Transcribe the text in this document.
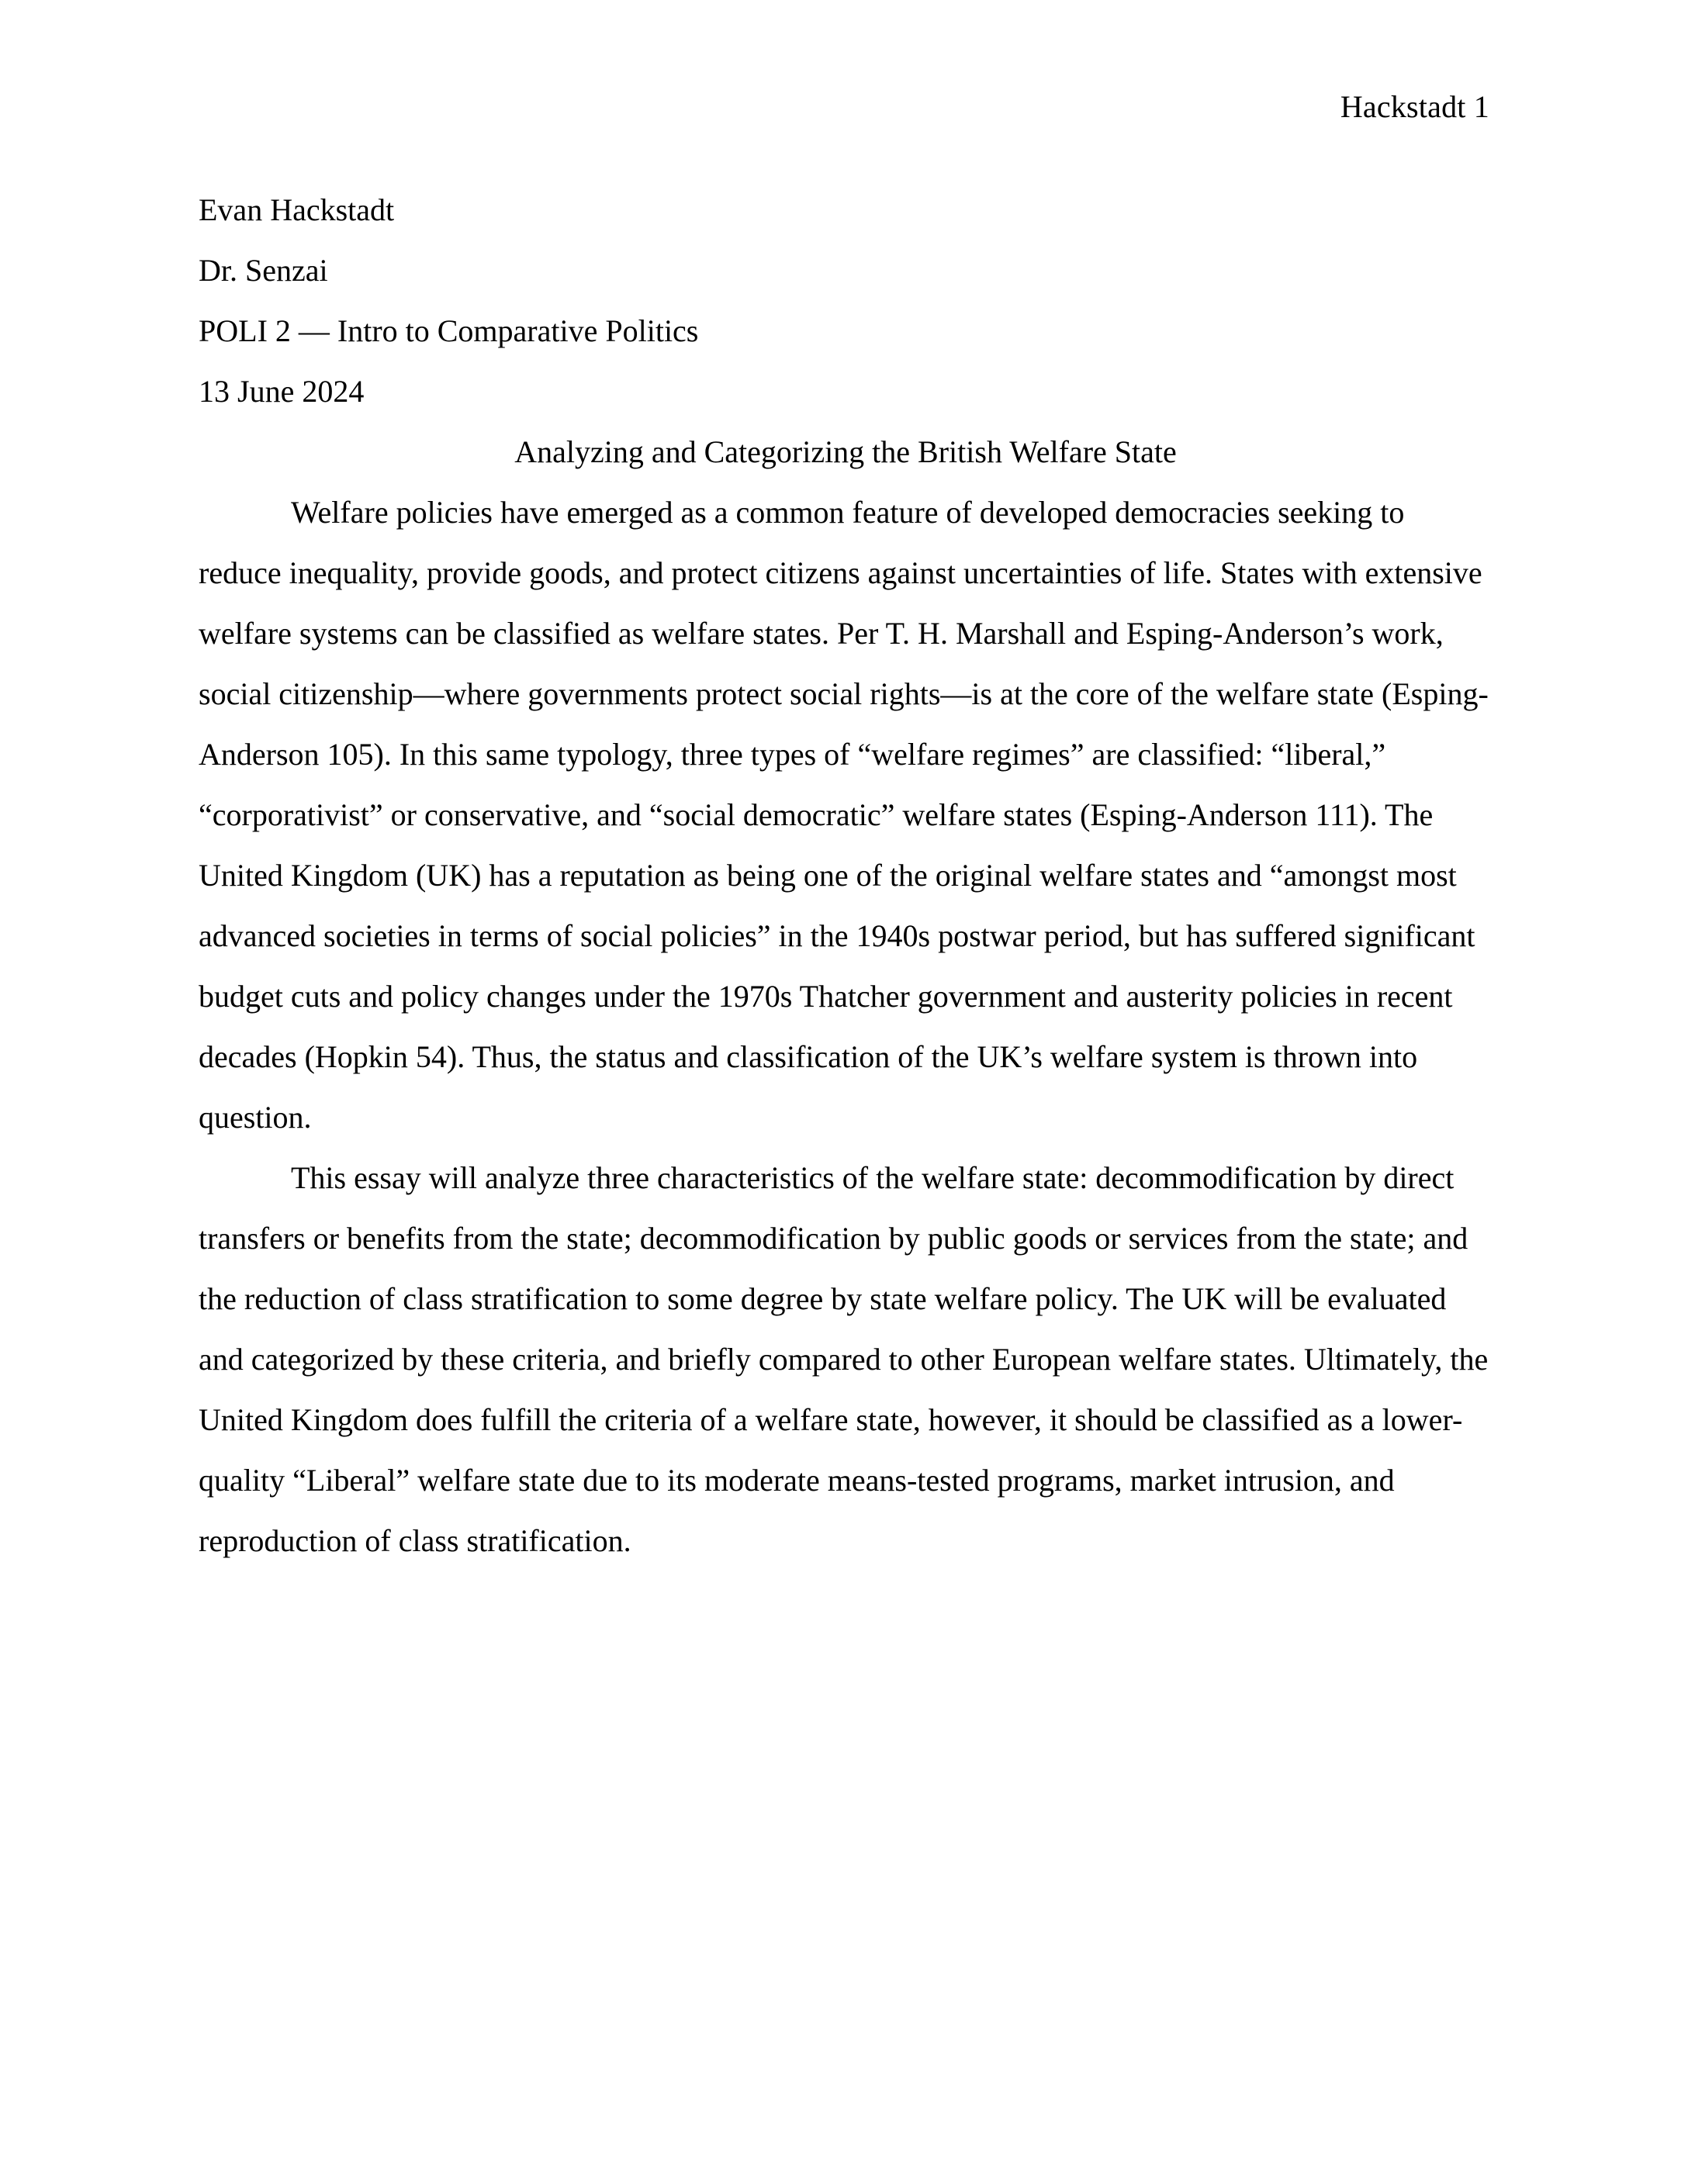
Hackstadt 1
Evan Hackstadt
Dr. Senzai
POLI 2 — Intro to Comparative Politics
13 June 2024
Analyzing and Categorizing the British Welfare State

Welfare policies have emerged as a common feature of developed democracies seeking to reduce inequality, provide goods, and protect citizens against uncertainties of life. States with extensive welfare systems can be classified as welfare states. Per T. H. Marshall and Esping-Anderson’s work, social citizenship—where governments protect social rights—is at the core of the welfare state (Esping-Anderson 105). In this same typology, three types of “welfare regimes” are classified: “liberal,” “corporativist” or conservative, and “social democratic” welfare states (Esping-Anderson 111). The United Kingdom (UK) has a reputation as being one of the original welfare states and “amongst most advanced societies in terms of social policies” in the 1940s postwar period, but has suffered significant budget cuts and policy changes under the 1970s Thatcher government and austerity policies in recent decades (Hopkin 54). Thus, the status and classification of the UK’s welfare system is thrown into question.

This essay will analyze three characteristics of the welfare state: decommodification by direct transfers or benefits from the state; decommodification by public goods or services from the state; and the reduction of class stratification to some degree by state welfare policy. The UK will be evaluated and categorized by these criteria, and briefly compared to other European welfare states. Ultimately, the United Kingdom does fulfill the criteria of a welfare state, however, it should be classified as a lower-quality “Liberal” welfare state due to its moderate means-tested programs, market intrusion, and reproduction of class stratification.
